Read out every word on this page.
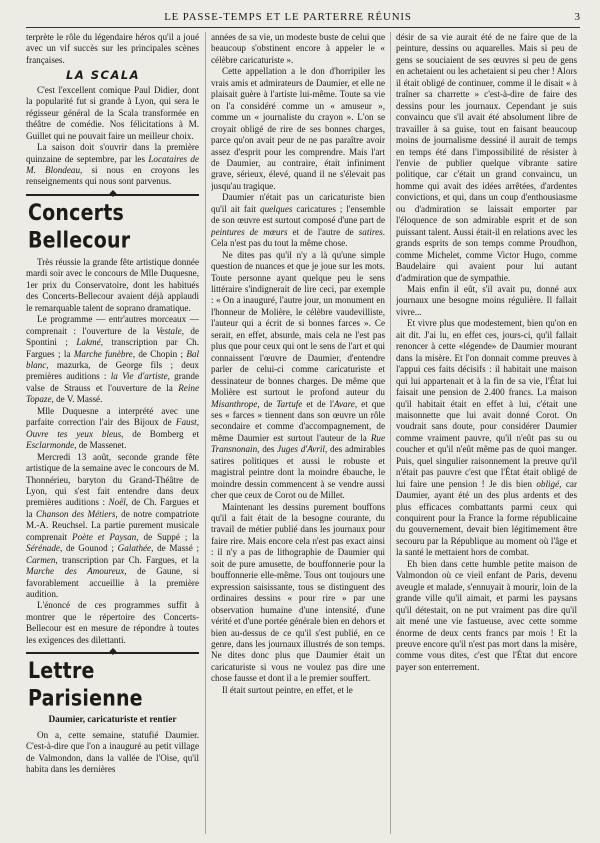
LE PASSE-TEMPS ET LE PARTERRE RÉUNIS	3

terprète le rôle du légendaire héros qu'il a joué avec un vif succès sur les principales scènes françaises.

LA SCALA

C'est l'excellent comique Paul Didier, dont la popularité fut si grande à Lyon, qui sera le régisseur général de la Scala transformée en théâtre de comédie. Nos félicitations à M. Guillet qui ne pouvait faire un meilleur choix.

La saison doit s'ouvrir dans la première quinzaine de septembre, par les Locataires de M. Blondeau, si nous en croyons les renseignements qui nous sont parvenus.

Concerts Bellecour

Très réussie la grande fête artistique donnée mardi soir avec le concours de Mlle Duquesne, 1er prix du Conservatoire, dont les habitués des Concerts-Bellecour avaient déjà applaudi le remarquable talent de soprano dramatique.

Le programme — entr'autres morceaux — comprenait : l'ouverture de la Vestale, de Spontini ; Lakmé, transcription par Ch. Fargues ; la Marche funèbre, de Chopin ; Bal blanc, mazurka, de George fils ; deux premières auditions : la Vie d'artiste, grande valse de Strauss et l'ouverture de la Reine Topaze, de V. Massé.

Mlle Duquesne a interprété avec une parfaite correction l'air des Bijoux de Faust, Ouvre tes yeux bleus, de Bomberg et Esclarmonde, de Massenet.

Mercredi 13 août, seconde grande fête artistique de la semaine avec le concours de M. Thonnérieu, baryton du Grand-Théâtre de Lyon, qui s'est fait entendre dans deux premières auditions : Noël, de Ch. Fargues et la Chanson des Métiers, de notre compatriote M.-A. Reuchsel. La partie purement musicale comprenait Poète et Paysan, de Suppé ; la Sérénade, de Gounod ; Galathée, de Massé ; Carmen, transcription par Ch. Fargues, et la Marche des Amoureux, de Gaune, si favorablement accueillie à la première audition.

L'énoncé de ces programmes suffit à montrer que le répertoire des Concerts-Bellecour est en mesure de répondre à toutes les exigences des dilettanti.

Lettre Parisienne
Daumier, caricaturiste et rentier

On a, cette semaine, statufié Daumier. C'est-à-dire que l'on a inauguré au petit village de Valmondon, dans la vallée de l'Oise, qu'il habita dans les dernières

années de sa vie, un modeste buste de celui que beaucoup s'obstinent encore à appeler le « célèbre caricaturiste ».

Cette appellation a le don d'horripiler les vrais amis et admirateurs de Daumier, et elle ne plaisait guère à l'artiste lui-même. Toute sa vie on l'a considéré comme un « amuseur », comme un « journaliste du crayon ». L'on se croyait obligé de rire de ses bonnes charges, parce qu'on avait peur de ne pas paraître avoir assez d'esprit pour les comprendre. Mais l'art de Daumier, au contraire, était infiniment grave, sérieux, élevé, quand il ne s'élevait pas jusqu'au tragique.

Daumier n'était pas un caricaturiste bien qu'il ait fait quelques caricatures ; l'ensemble de son œuvre est surtout composé d'une part de peintures de mœurs et de l'autre de satires. Cela n'est pas du tout la même chose.

Ne dites pas qu'il n'y a là qu'une simple question de nuances et que je joue sur les mots. Toute personne ayant quelque peu le sens littéraire s'indignerait de lire ceci, par exemple : « On a inauguré, l'autre jour, un monument en l'honneur de Molière, le célèbre vaudevilliste, l'auteur qui a écrit de si bonnes farces ». Ce serait, en effet, absurde, mais cela ne l'est pas plus que pour ceux qui ont le sens de l'art et qui connaissent l'œuvre de Daumier, d'entendre parler de celui-ci comme caricaturiste et dessinateur de bonnes charges. De même que Molière est surtout le profond auteur du Misanthrope, de Tartufe et de l'Avare, et que ses « farces » tiennent dans son œuvre un rôle secondaire et comme d'accompagnement, de même Daumier est surtout l'auteur de la Rue Transnonain, des Juges d'Avril, des admirables satires politiques et aussi le robuste et magistral peintre dont la moindre ébauche, le moindre dessin commencent à se vendre aussi cher que ceux de Corot ou de Millet.

Maintenant les dessins purement bouffons qu'il a fait était de la besogne courante, du travail de métier publié dans les journaux pour faire rire. Mais encore cela n'est pas exact ainsi : il n'y a pas de lithographie de Daumier qui soit de pure amusette, de bouffonnerie pour la bouffonnerie elle-même. Tous ont toujours une expression saisissante, tous se distinguent des ordinaires dessins « pour rire » par une observation humaine d'une intensité, d'une vérité et d'une portée générale bien en dehors et bien au-dessus de ce qu'il s'est publié, en ce genre, dans les journaux illustrés de son temps. Ne dites donc plus que Daumier était un caricaturiste si vous ne voulez pas dire une chose fausse et dont il a le premier souffert.

Il était surtout peintre, en effet, et le

désir de sa vie aurait été de ne faire que de la peinture, dessins ou aquarelles. Mais si peu de gens se souciaient de ses œuvres si peu de gens en achetaient ou les achetaient si peu cher ! Alors il était obligé de continuer, comme il le disait « à traîner sa charrette » c'est-à-dire de faire des dessins pour les journaux. Cependant je suis convaincu que s'il avait été absolument libre de travailler à sa guise, tout en faisant beaucoup moins de journalisme dessiné il aurait de temps en temps été dans l'impossibilité de résister à l'envie de publier quelque vibrante satire politique, car c'était un grand convaincu, un homme qui avait des idées arrêtées, d'ardentes convictions, et qui, dans un coup d'enthousiasme ou d'admiration se laissait emporter par l'éloquence de son admirable esprit et de son puissant talent. Aussi était-il en relations avec les grands esprits de son temps comme Proudhon, comme Michelet, comme Victor Hugo, comme Baudelaire qui avaient pour lui autant d'admiration que de sympathie.

Mais enfin il eût, s'il avait pu, donné aux journaux une besogne moins régulière. Il fallait vivre...

Et vivre plus que modestement, bien qu'on en ait dit. J'ai lu, en effet ces, jours-ci, qu'il fallait renoncer à cette «légende» de Daumier mourant dans la misère. Et l'on donnait comme preuves à l'appui ces faits décisifs : il habitait une maison qui lui appartenait et à la fin de sa vie, l'État lui faisait une pension de 2.400 francs. La maison qu'il habitait était en effet à lui, c'était une maisonnette que lui avait donné Corot. On voudrait sans doute, pour considérer Daumier comme vraiment pauvre, qu'il n'eût pas su ou coucher et qu'il n'eût même pas de quoi manger. Puis, quel singulier raisonnement la preuve qu'il n'était pas pauvre c'est que l'État était obligé de lui faire une pension ! Je dis bien obligé, car Daumier, ayant été un des plus ardents et des plus efficaces combattants parmi ceux qui conquirent pour la France la forme républicaine du gouvernement, devait bien légitimement être secouru par la République au moment où l'âge et la santé le mettaient hors de combat.

Eh bien dans cette humble petite maison de Valmondon où ce vieil enfant de Paris, devenu aveugle et malade, s'ennuyait à mourir, loin de la grande ville qu'il aimait, et parmi les paysans qu'il détestait, on ne put vraiment pas dire qu'il ait mené une vie fastueuse, avec cette somme énorme de deux cents francs par mois ! Et la preuve encore qu'il n'est pas mort dans la misère, comme vous dites, c'est que l'État dut encore payer son enterrement.
